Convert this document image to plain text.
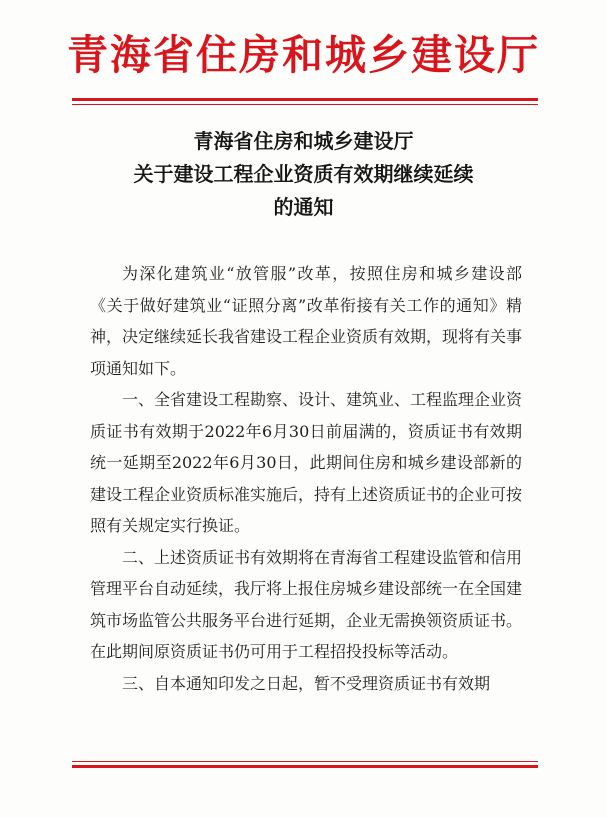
青海省住房和城乡建设厅
青海省住房和城乡建设厅
关于建设工程企业资质有效期继续延续
的通知

为深化建筑业“放管服”改革，按照住房和城乡建设部《关于做好建筑业“证照分离”改革衔接有关工作的通知》精神，决定继续延长我省建设工程企业资质有效期，现将有关事项通知如下。

一、全省建设工程勘察、设计、建筑业、工程监理企业资质证书有效期于2022年6月30日前届满的，资质证书有效期统一延期至2022年6月30日，此期间住房和城乡建设部新的建设工程企业资质标准实施后，持有上述资质证书的企业可按照有关规定实行换证。

二、上述资质证书有效期将在青海省工程建设监管和信用管理平台自动延续，我厅将上报住房城乡建设部统一在全国建筑市场监管公共服务平台进行延期，企业无需换领资质证书。在此期间原资质证书仍可用于工程招投投标等活动。

三、自本通知印发之日起，暂不受理资质证书有效期
